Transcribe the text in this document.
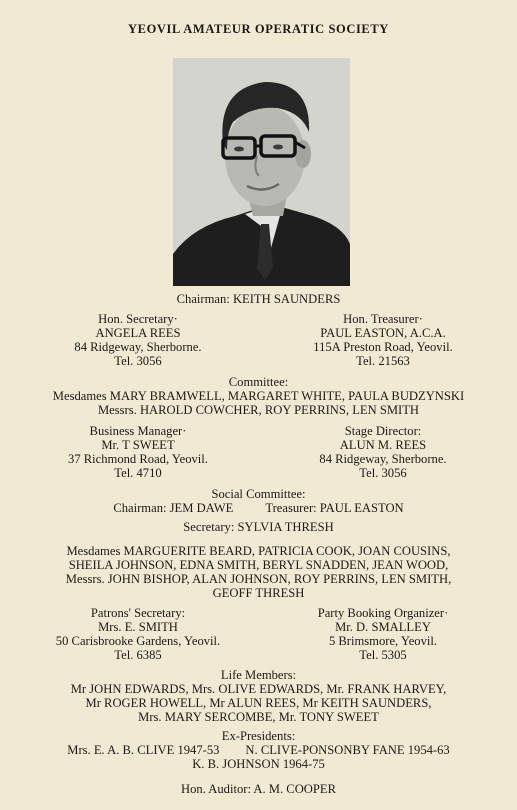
YEOVIL AMATEUR OPERATIC SOCIETY
Chairman: KEITH SAUNDERS
Hon. Secretary·
ANGELA REES
84 Ridgeway, Sherborne.
Tel. 3056
Hon. Treasurer·
PAUL EASTON, A.C.A.
115A Preston Road, Yeovil.
Tel. 21563
Committee:
Mesdames MARY BRAMWELL, MARGARET WHITE, PAULA BUDZYNSKI
Messrs. HAROLD COWCHER, ROY PERRINS, LEN SMITH
Business Manager·
Mr. T SWEET
37 Richmond Road, Yeovil.
Tel. 4710
Stage Director:
ALUN M. REES
84 Ridgeway, Sherborne.
Tel. 3056
Social Committee:
Chairman: JEM DAWE	Treasurer: PAUL EASTON
Secretary: SYLVIA THRESH
Mesdames MARGUERITE BEARD, PATRICIA COOK, JOAN COUSINS,
SHEILA JOHNSON, EDNA SMITH, BERYL SNADDEN, JEAN WOOD,
Messrs. JOHN BISHOP, ALAN JOHNSON, ROY PERRINS, LEN SMITH,
GEOFF THRESH
Patrons' Secretary:
Mrs. E. SMITH
50 Carisbrooke Gardens, Yeovil.
Tel. 6385
Party Booking Organizer·
Mr. D. SMALLEY
5 Brimsmore, Yeovil.
Tel. 5305
Life Members:
Mr JOHN EDWARDS, Mrs. OLIVE EDWARDS, Mr. FRANK HARVEY,
Mr ROGER HOWELL, Mr ALUN REES, Mr KEITH SAUNDERS,
Mrs. MARY SERCOMBE, Mr. TONY SWEET
Ex-Presidents:
Mrs. E. A. B. CLIVE 1947-53 N. CLIVE-PONSONBY FANE 1954-63
K. B. JOHNSON 1964-75
Hon. Auditor: A. M. COOPER
